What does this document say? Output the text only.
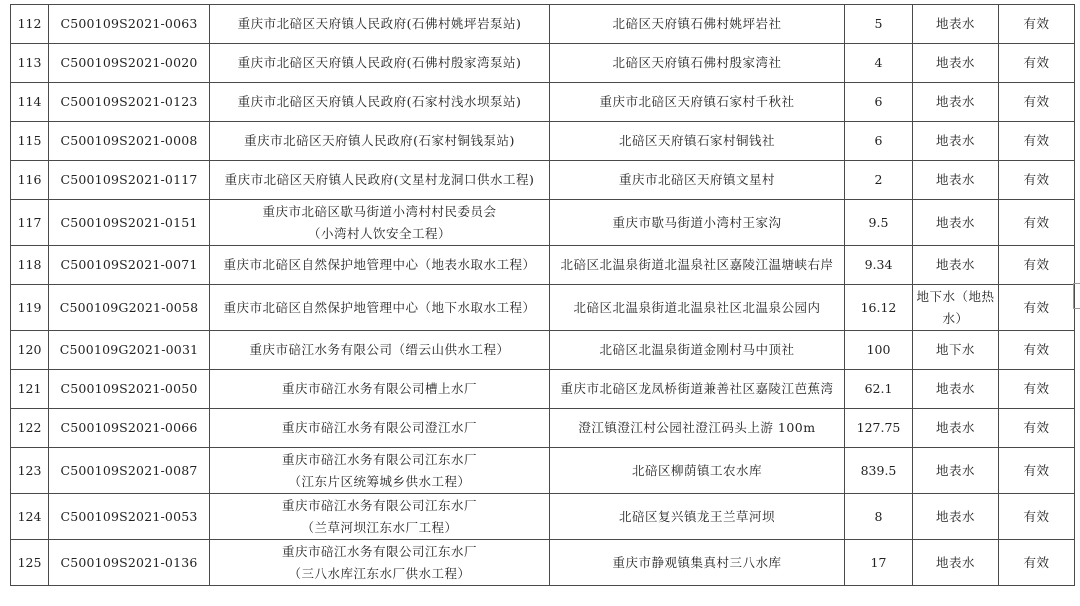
112	C500109S2021-0063	重庆市北碚区天府镇人民政府(石佛村姚坪岩泵站)	北碚区天府镇石佛村姚坪岩社	5	地表水	有效
113	C500109S2021-0020	重庆市北碚区天府镇人民政府(石佛村殷家湾泵站)	北碚区天府镇石佛村殷家湾社	4	地表水	有效
114	C500109S2021-0123	重庆市北碚区天府镇人民政府(石家村浅水坝泵站)	重庆市北碚区天府镇石家村千秋社	6	地表水	有效
115	C500109S2021-0008	重庆市北碚区天府镇人民政府(石家村铜钱泵站)	北碚区天府镇石家村铜钱社	6	地表水	有效
116	C500109S2021-0117	重庆市北碚区天府镇人民政府(文星村龙洞口供水工程)	重庆市北碚区天府镇文星村	2	地表水	有效
117	C500109S2021-0151	重庆市北碚区歇马街道小湾村村民委员会
（小湾村人饮安全工程）	重庆市歇马街道小湾村王家沟	9.5	地表水	有效
118	C500109S2021-0071	重庆市北碚区自然保护地管理中心（地表水取水工程）	北碚区北温泉街道北温泉社区嘉陵江温塘峡右岸	9.34	地表水	有效
119	C500109G2021-0058	重庆市北碚区自然保护地管理中心（地下水取水工程）	北碚区北温泉街道北温泉社区北温泉公园内	16.12	地下水（地热
水）	有效
120	C500109G2021-0031	重庆市碚江水务有限公司（缙云山供水工程）	北碚区北温泉街道金刚村马中顶社	100	地下水	有效
121	C500109S2021-0050	重庆市碚江水务有限公司槽上水厂	重庆市北碚区龙凤桥街道兼善社区嘉陵江芭蕉湾	62.1	地表水	有效
122	C500109S2021-0066	重庆市碚江水务有限公司澄江水厂	澄江镇澄江村公园社澄江码头上游 100m	127.75	地表水	有效
123	C500109S2021-0087	重庆市碚江水务有限公司江东水厂
（江东片区统筹城乡供水工程）	北碚区柳荫镇工农水库	839.5	地表水	有效
124	C500109S2021-0053	重庆市碚江水务有限公司江东水厂
（兰草河坝江东水厂工程）	北碚区复兴镇龙王兰草河坝	8	地表水	有效
125	C500109S2021-0136	重庆市碚江水务有限公司江东水厂
（三八水库江东水厂供水工程）	重庆市静观镇集真村三八水库	17	地表水	有效
